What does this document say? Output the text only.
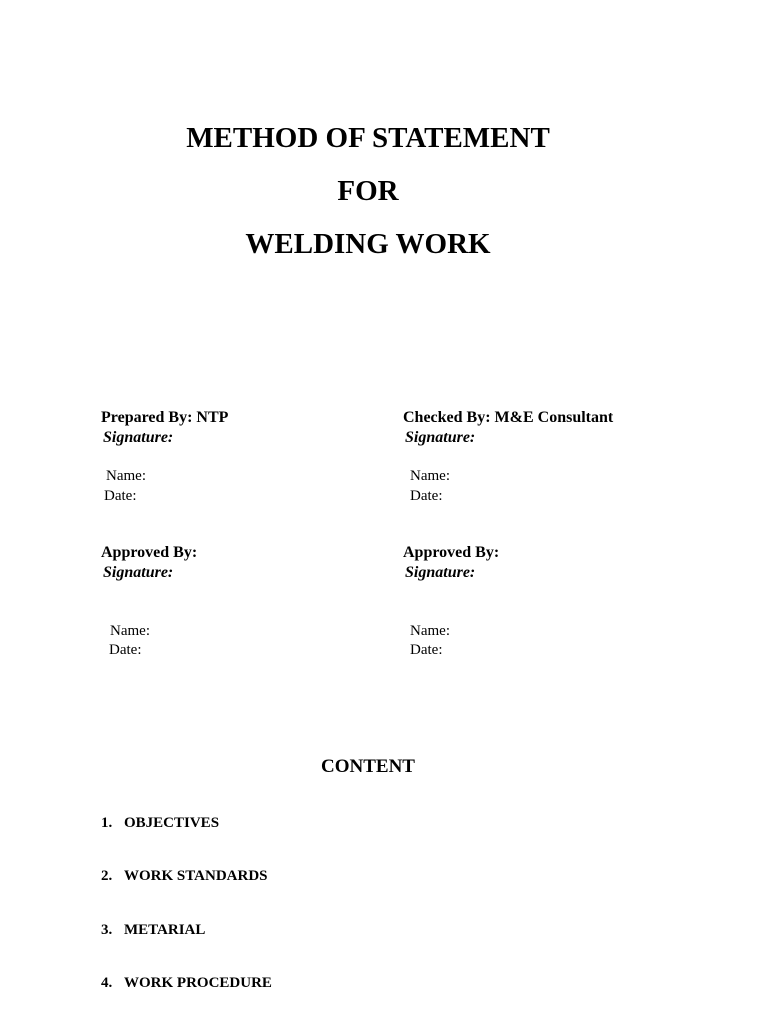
METHOD OF STATEMENT
FOR
WELDING WORK
Prepared By: NTP
Signature:
Name:
Date:
Checked By: M&E Consultant
Signature:
Name:
Date:
Approved By:
Signature:
Name:
Date:
Approved By:
Signature:
Name:
Date:
CONTENT
1. OBJECTIVES
2. WORK STANDARDS
3. METARIAL
4. WORK PROCEDURE
